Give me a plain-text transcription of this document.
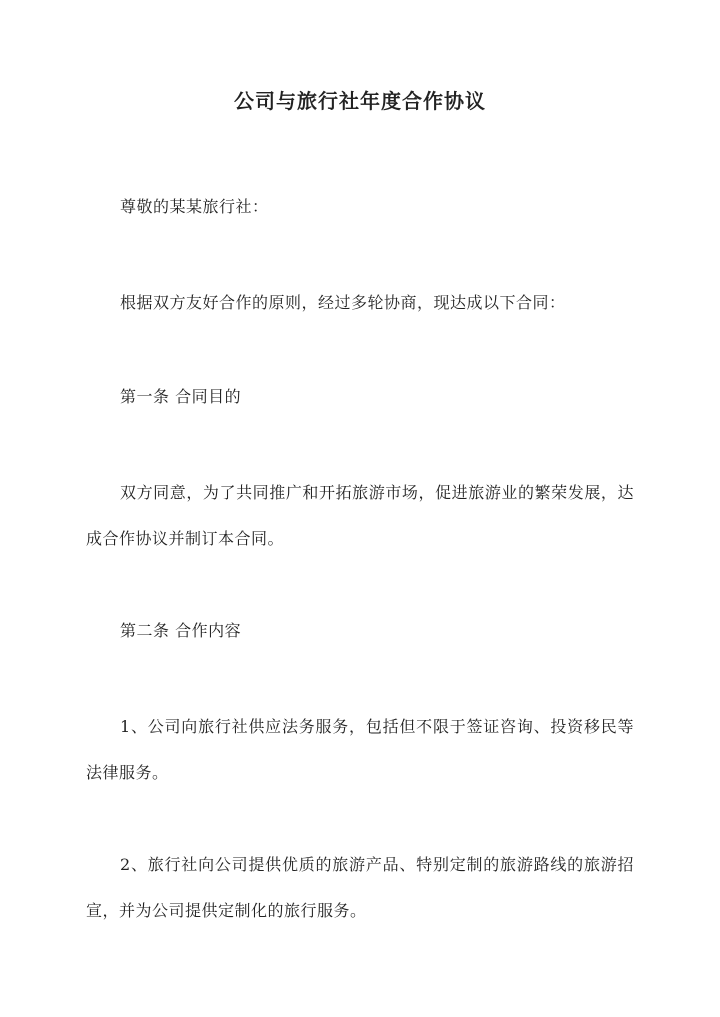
公司与旅行社年度合作协议
尊敬的某某旅行社：
根据双方友好合作的原则，经过多轮协商，现达成以下合同：
第一条 合同目的
双方同意，为了共同推广和开拓旅游市场，促进旅游业的繁荣发展，达成合作协议并制订本合同。
第二条 合作内容
1、公司向旅行社供应法务服务，包括但不限于签证咨询、投资移民等法律服务。
2、旅行社向公司提供优质的旅游产品、特别定制的旅游路线的旅游招宣，并为公司提供定制化的旅行服务。
